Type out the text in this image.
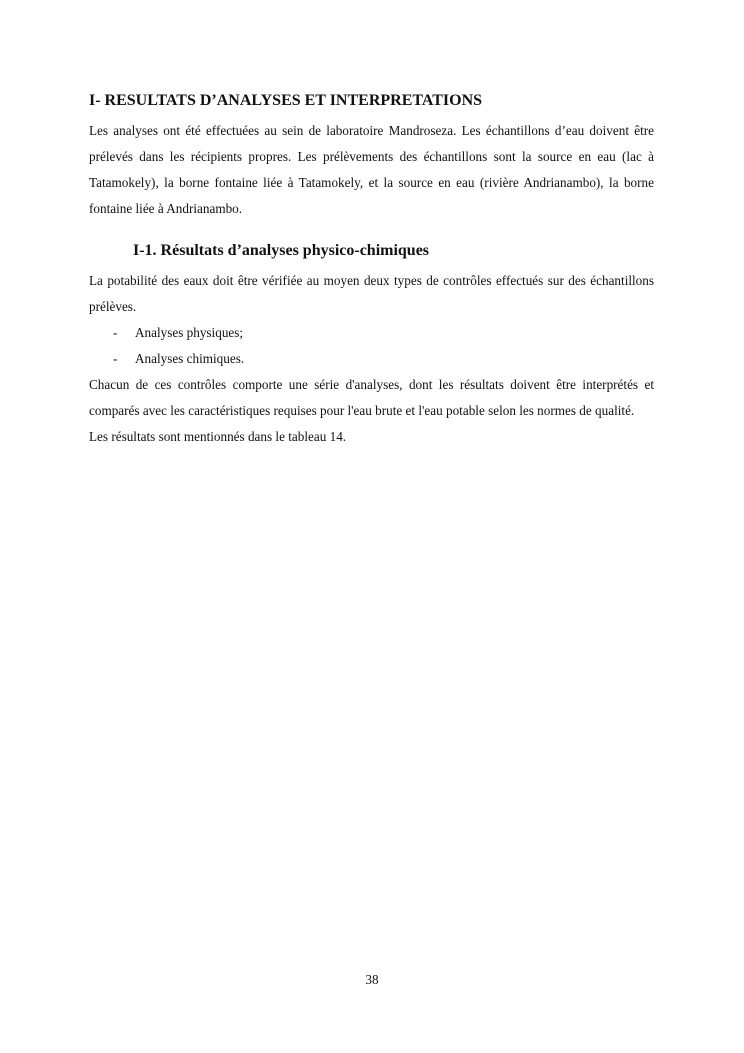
I- RESULTATS D’ANALYSES ET INTERPRETATIONS

Les analyses ont été effectuées au sein de laboratoire Mandroseza. Les échantillons d’eau doivent être prélevés dans les récipients propres. Les prélèvements des échantillons sont la source en eau (lac à Tatamokely), la borne fontaine liée à Tatamokely, et la source en eau (rivière Andrianambo), la borne fontaine liée à Andrianambo.

I-1. Résultats d’analyses physico-chimiques

La potabilité des eaux doit être vérifiée au moyen deux types de contrôles effectués sur des échantillons prélèves.

- Analyses physiques;
- Analyses chimiques.

Chacun de ces contrôles comporte une série d'analyses, dont les résultats doivent être interprétés et comparés avec les caractéristiques requises pour l'eau brute et l'eau potable selon les normes de qualité.

Les résultats sont mentionnés dans le tableau 14.

38
